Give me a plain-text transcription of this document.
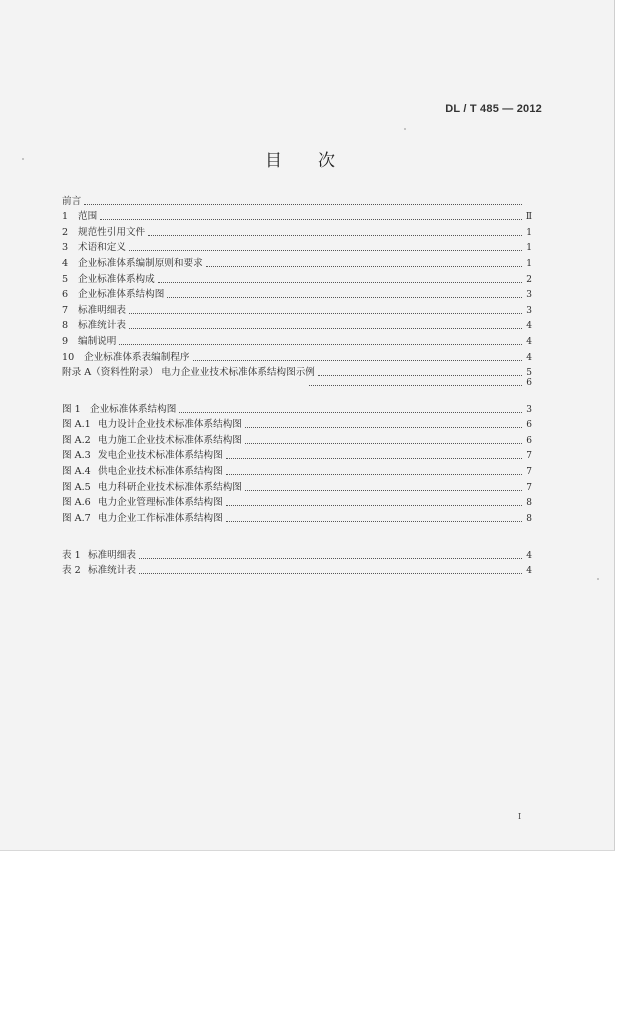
DL / T 485 — 2012
目次
前言
1 范围	Ⅱ
2 规范性引用文件	1
3 术语和定义	1
4 企业标准体系编制原则和要求	1
5 企业标准体系构成	2
6 企业标准体系结构图	3
7 标准明细表	3
8 标准统计表	4
9 编制说明	4
10 企业标准体系表编制程序	4
附录 A（资料性附录） 电力企业业技术标准体系结构图示例	5
6
图 1 企业标准体系结构图	3
图 A.1 电力设计企业技术标准体系结构图	6
图 A.2 电力施工企业技术标准体系结构图	6
图 A.3 发电企业技术标准体系结构图	7
图 A.4 供电企业技术标准体系结构图	7
图 A.5 电力科研企业技术标准体系结构图	7
图 A.6 电力企业管理标准体系结构图	8
图 A.7 电力企业工作标准体系结构图	8
表 1 标准明细表	4
表 2 标准统计表	4
I
